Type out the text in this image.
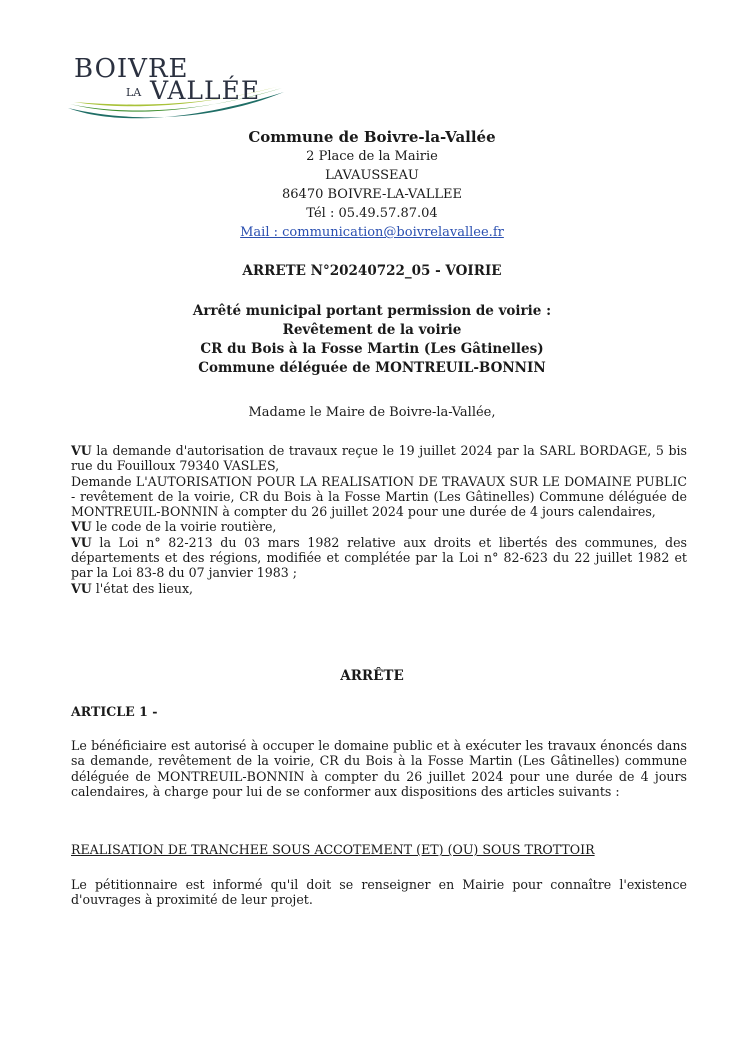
BOIVRE
LA VALLÉE
Commune de Boivre-la-Vallée
2 Place de la Mairie
LAVAUSSEAU
86470 BOIVRE-LA-VALLEE
Tél : 05.49.57.87.04
Mail : communication@boivrelavallee.fr
ARRETE N°20240722_05 - VOIRIE
Arrêté municipal portant permission de voirie :
Revêtement de la voirie
CR du Bois à la Fosse Martin (Les Gâtinelles)
Commune déléguée de MONTREUIL-BONNIN
Madame le Maire de Boivre-la-Vallée,

VU la demande d'autorisation de travaux reçue le 19 juillet 2024 par la SARL BORDAGE, 5 bis rue du Fouilloux 79340 VASLES,

Demande L'AUTORISATION POUR LA REALISATION DE TRAVAUX SUR LE DOMAINE PUBLIC - revêtement de la voirie, CR du Bois à la Fosse Martin (Les Gâtinelles) Commune déléguée de MONTREUIL-BONNIN à compter du 26 juillet 2024 pour une durée de 4 jours calendaires,

VU le code de la voirie routière,

VU la Loi n° 82-213 du 03 mars 1982 relative aux droits et libertés des communes, des départements et des régions, modifiée et complétée par la Loi n° 82-623 du 22 juillet 1982 et par la Loi 83-8 du 07 janvier 1983 ;

VU l'état des lieux,

ARRÊTE
ARTICLE 1 -
Le bénéficiaire est autorisé à occuper le domaine public et à exécuter les travaux énoncés dans sa demande, revêtement de la voirie, CR du Bois à la Fosse Martin (Les Gâtinelles) commune déléguée de MONTREUIL-BONNIN à compter du 26 juillet 2024 pour une durée de 4 jours calendaires, à charge pour lui de se conformer aux dispositions des articles suivants :
REALISATION DE TRANCHEE SOUS ACCOTEMENT (ET) (OU) SOUS TROTTOIR
Le pétitionnaire est informé qu'il doit se renseigner en Mairie pour connaître l'existence d'ouvrages à proximité de leur projet.
